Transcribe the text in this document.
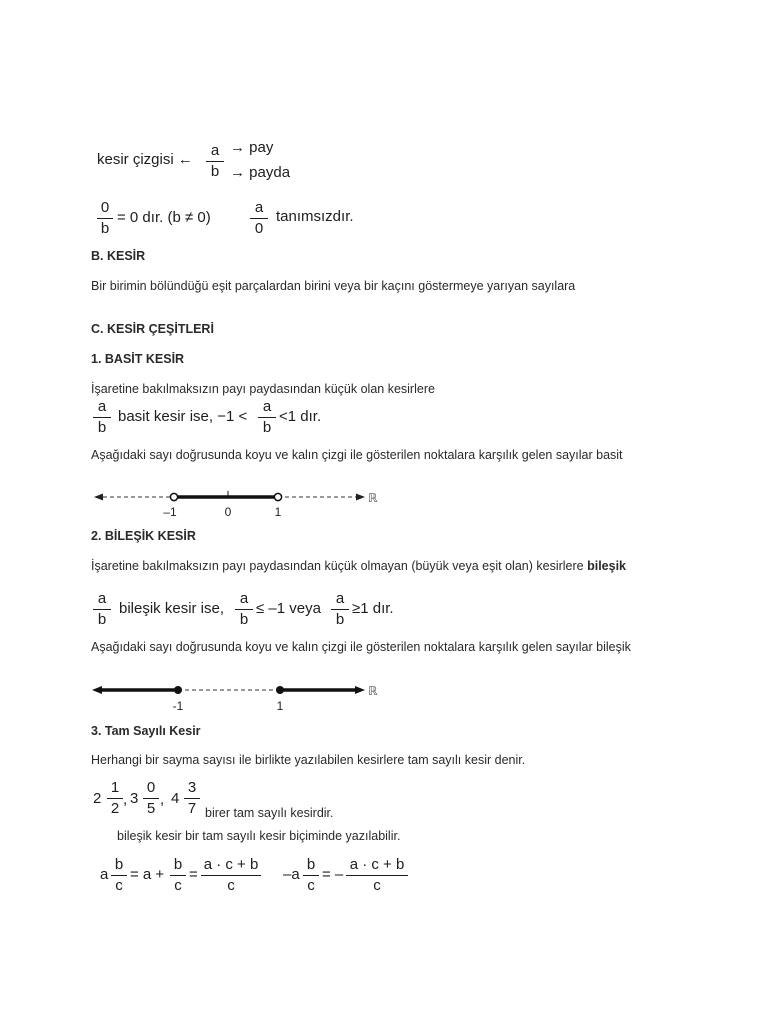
kesir çizgisi ←
a
b
→ pay
→ payda
0
b
= 0 dır. (b ≠ 0)
a
0
tanımsızdır.
B. KESİR
Bir birimin bölündüğü eşit parçalardan birini veya bir kaçını göstermeye yarıyan sayılara
C. KESİR ÇEŞİTLERİ
1. BASİT KESİR
İşaretine bakılmaksızın payı paydasından küçük olan kesirlere
a
b
basit kesir ise, −1 <
a
b
<1 dır.
Aşağıdaki sayı doğrusunda koyu ve kalın çizgi ile gösterilen noktalara karşılık gelen sayılar basit
–1	0	1
ℝ
2. BİLEŞİK KESİR
İşaretine bakılmaksızın payı paydasından küçük olmayan (büyük veya eşit olan) kesirlere bileşik
a
b
bileşik kesir ise,
a
b
≤ –1 veya
a
b
≥1 dır.
Aşağıdaki sayı doğrusunda koyu ve kalın çizgi ile gösterilen noktalara karşılık gelen sayılar bileşik
-1	1
ℝ
3. Tam Sayılı Kesir
Herhangi bir sayma sayısı ile birlikte yazılabilen kesirlere tam sayılı kesir denir.
2
1
2
, 3
0
5
, 4
3
7 birer tam sayılı kesirdir.
bileşik kesir bir tam sayılı kesir biçiminde yazılabilir.
a
b
c
= a +
b
c
=
a · c + b
c
–a
b
c
= –
a · c + b
c
